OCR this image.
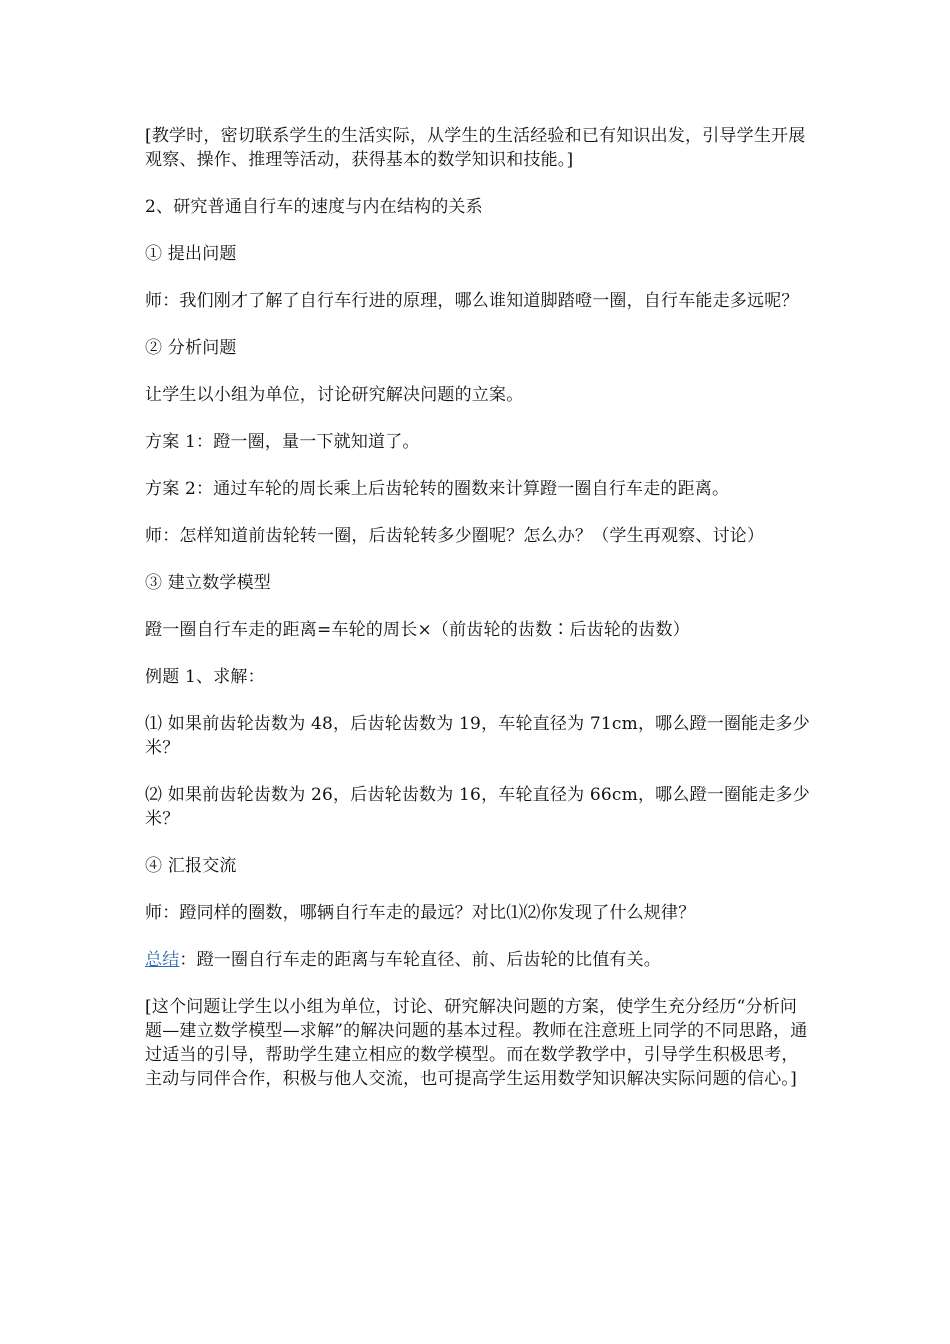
[教学时，密切联系学生的生活实际，从学生的生活经验和已有知识出发，引导学生开展观察、操作、推理等活动，获得基本的数学知识和技能。]

2、研究普通自行车的速度与内在结构的关系

① 提出问题

师：我们刚才了解了自行车行进的原理，哪么谁知道脚踏噔一圈，自行车能走多远呢？

② 分析问题

让学生以小组为单位，讨论研究解决问题的立案。

方案 1：蹬一圈，量一下就知道了。

方案 2：通过车轮的周长乘上后齿轮转的圈数来计算蹬一圈自行车走的距离。

师：怎样知道前齿轮转一圈，后齿轮转多少圈呢？怎么办？（学生再观察、讨论）

③ 建立数学模型

蹬一圈自行车走的距离=车轮的周长×（前齿轮的齿数∶后齿轮的齿数）

例题 1、求解：

⑴ 如果前齿轮齿数为 48，后齿轮齿数为 19，车轮直径为 71cm，哪么蹬一圈能走多少米？

⑵ 如果前齿轮齿数为 26，后齿轮齿数为 16，车轮直径为 66cm，哪么蹬一圈能走多少米？

④ 汇报交流

师：蹬同样的圈数，哪辆自行车走的最远？对比⑴⑵你发现了什么规律？

总结：蹬一圈自行车走的距离与车轮直径、前、后齿轮的比值有关。

[这个问题让学生以小组为单位，讨论、研究解决问题的方案，使学生充分经历“分析问题—建立数学模型—求解”的解决问题的基本过程。教师在注意班上同学的不同思路，通过适当的引导，帮助学生建立相应的数学模型。而在数学教学中，引导学生积极思考，主动与同伴合作，积极与他人交流，也可提高学生运用数学知识解决实际问题的信心。]
